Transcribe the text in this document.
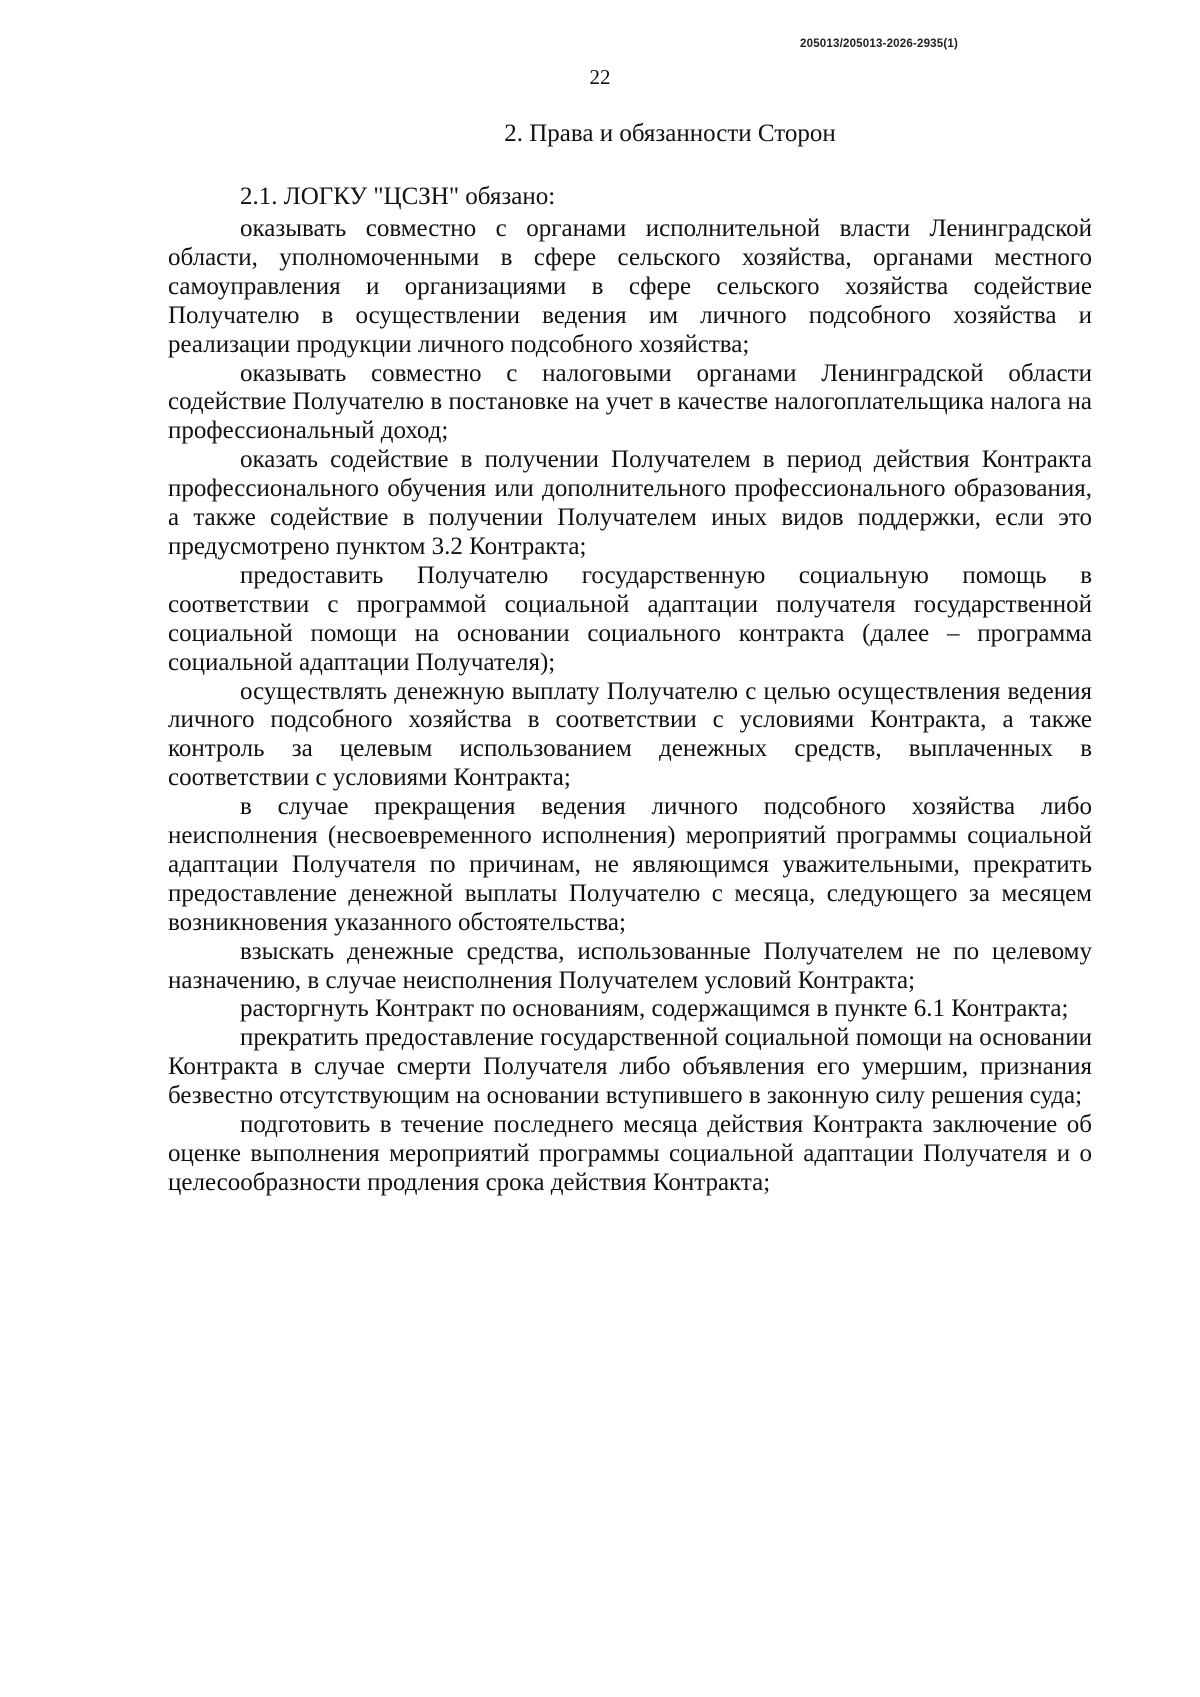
205013/205013-2026-2935(1)
22
2. Права и обязанности Сторон
2.1. ЛОГКУ "ЦСЗН" обязано:

оказывать совместно с органами исполнительной власти Ленинградской области, уполномоченными в сфере сельского хозяйства, органами местного самоуправления и организациями в сфере сельского хозяйства содействие Получателю в осуществлении ведения им личного подсобного хозяйства и реализации продукции личного подсобного хозяйства;

оказывать совместно с налоговыми органами Ленинградской области содействие Получателю в постановке на учет в качестве налогоплательщика налога на профессиональный доход;

оказать содействие в получении Получателем в период действия Контракта профессионального обучения или дополнительного профессионального образования, а также содействие в получении Получателем иных видов поддержки, если это предусмотрено пунктом 3.2 Контракта;

предоставить Получателю государственную социальную помощь в соответствии с программой социальной адаптации получателя государственной социальной помощи на основании социального контракта (далее – программа социальной адаптации Получателя);

осуществлять денежную выплату Получателю с целью осуществления ведения личного подсобного хозяйства в соответствии с условиями Контракта, а также контроль за целевым использованием денежных средств, выплаченных в соответствии с условиями Контракта;

в случае прекращения ведения личного подсобного хозяйства либо неисполнения (несвоевременного исполнения) мероприятий программы социальной адаптации Получателя по причинам, не являющимся уважительными, прекратить предоставление денежной выплаты Получателю с месяца, следующего за месяцем возникновения указанного обстоятельства;

взыскать денежные средства, использованные Получателем не по целевому назначению, в случае неисполнения Получателем условий Контракта;

расторгнуть Контракт по основаниям, содержащимся в пункте 6.1 Контракта;

прекратить предоставление государственной социальной помощи на основании Контракта в случае смерти Получателя либо объявления его умершим, признания безвестно отсутствующим на основании вступившего в законную силу решения суда;

подготовить в течение последнего месяца действия Контракта заключение об оценке выполнения мероприятий программы социальной адаптации Получателя и о целесообразности продления срока действия Контракта;
